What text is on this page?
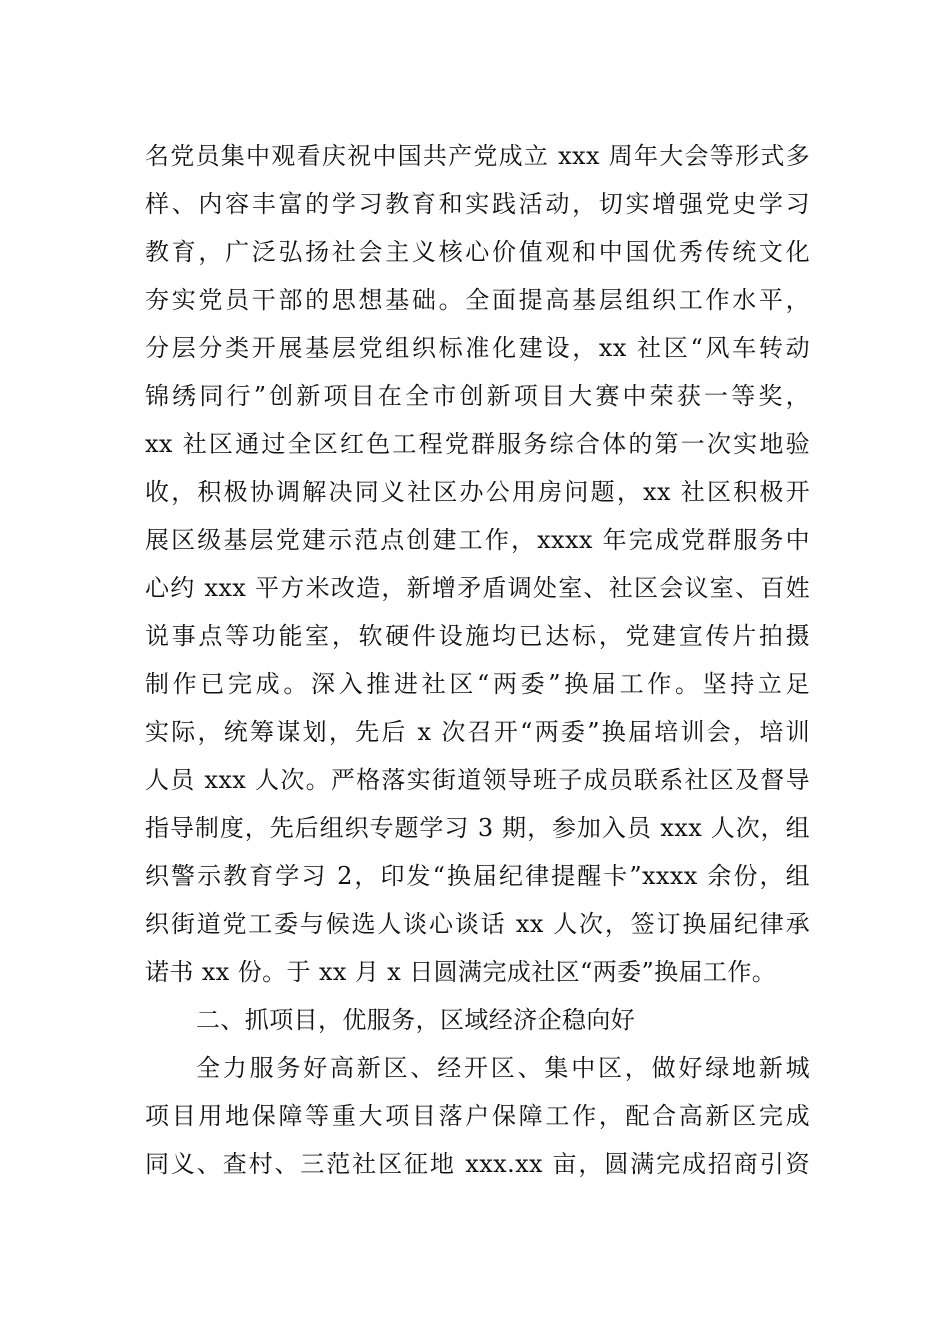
名党员集中观看庆祝中国共产党成立 xxx 周年大会等形式多
样、内容丰富的学习教育和实践活动，切实增强党史学习
教育，广泛弘扬社会主义核心价值观和中国优秀传统文化
夯实党员干部的思想基础。全面提高基层组织工作水平，
分层分类开展基层党组织标准化建设，xx 社区“风车转动
锦绣同行”创新项目在全市创新项目大赛中荣获一等奖，
xx 社区通过全区红色工程党群服务综合体的第一次实地验
收，积极协调解决同义社区办公用房问题，xx 社区积极开
展区级基层党建示范点创建工作，xxxx 年完成党群服务中
心约 xxx 平方米改造，新增矛盾调处室、社区会议室、百姓
说事点等功能室，软硬件设施均已达标，党建宣传片拍摄
制作已完成。深入推进社区“两委”换届工作。坚持立足
实际，统筹谋划，先后 x 次召开“两委”换届培训会，培训
人员 xxx 人次。严格落实街道领导班子成员联系社区及督导
指导制度，先后组织专题学习 3 期，参加入员 xxx 人次，组
织警示教育学习 2，印发“换届纪律提醒卡”xxxx 余份，组
织街道党工委与候选人谈心谈话 xx 人次，签订换届纪律承
诺书 xx 份。于 xx 月 x 日圆满完成社区“两委”换届工作。
二、抓项目，优服务，区域经济企稳向好
全力服务好高新区、经开区、集中区，做好绿地新城
项目用地保障等重大项目落户保障工作，配合高新区完成
同义、查村、三范社区征地 xxx.xx 亩，圆满完成招商引资
